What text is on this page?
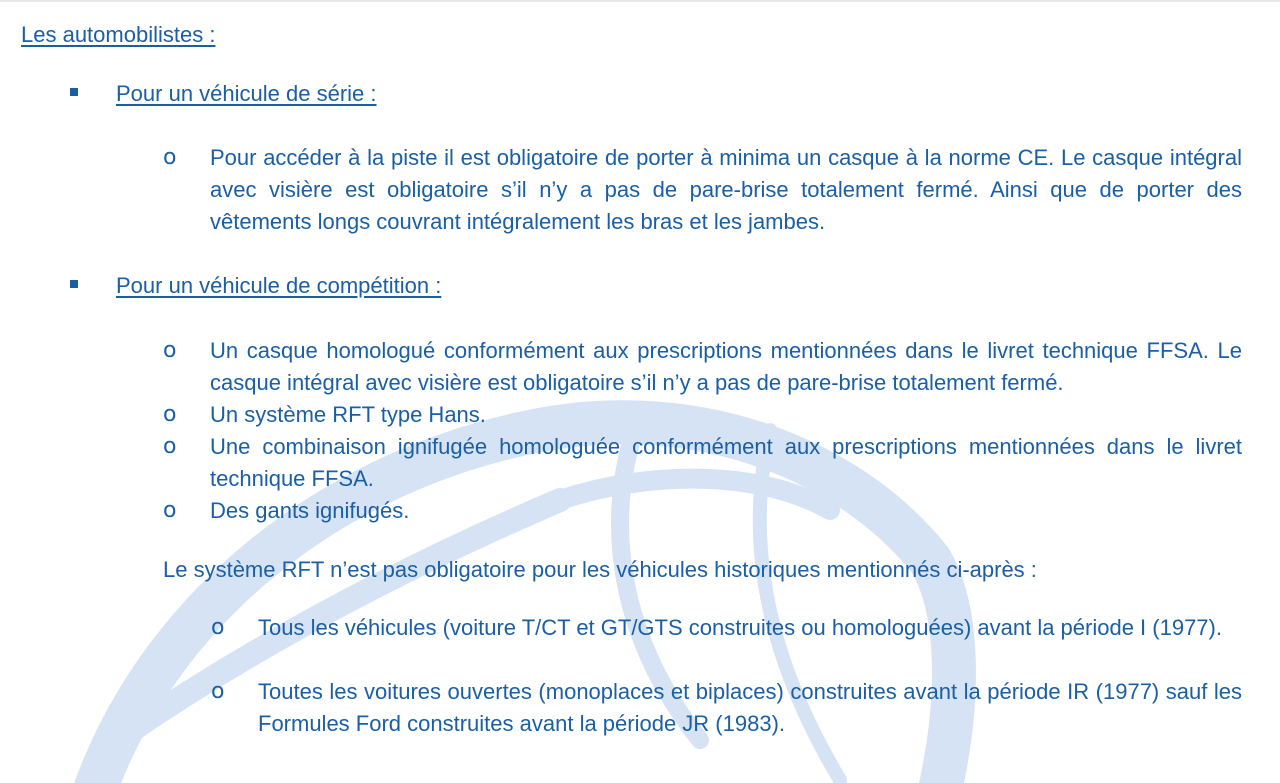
Les automobilistes :
Pour un véhicule de série :
o Pour accéder à la piste il est obligatoire de porter à minima un casque à la norme CE. Le casque intégral avec visière est obligatoire s’il n’y a pas de pare-brise totalement fermé. Ainsi que de porter des vêtements longs couvrant intégralement les bras et les jambes.
Pour un véhicule de compétition :
o Un casque homologué conformément aux prescriptions mentionnées dans le livret technique FFSA. Le casque intégral avec visière est obligatoire s’il n’y a pas de pare-brise totalement fermé.
o Un système RFT type Hans.
o Une combinaison ignifugée homologuée conformément aux prescriptions mentionnées dans le livret technique FFSA.
o Des gants ignifugés.
Le système RFT n’est pas obligatoire pour les véhicules historiques mentionnés ci-après :
o Tous les véhicules (voiture T/CT et GT/GTS construites ou homologuées) avant la période I (1977).
o Toutes les voitures ouvertes (monoplaces et biplaces) construites avant la période IR (1977) sauf les Formules Ford construites avant la période JR (1983).
